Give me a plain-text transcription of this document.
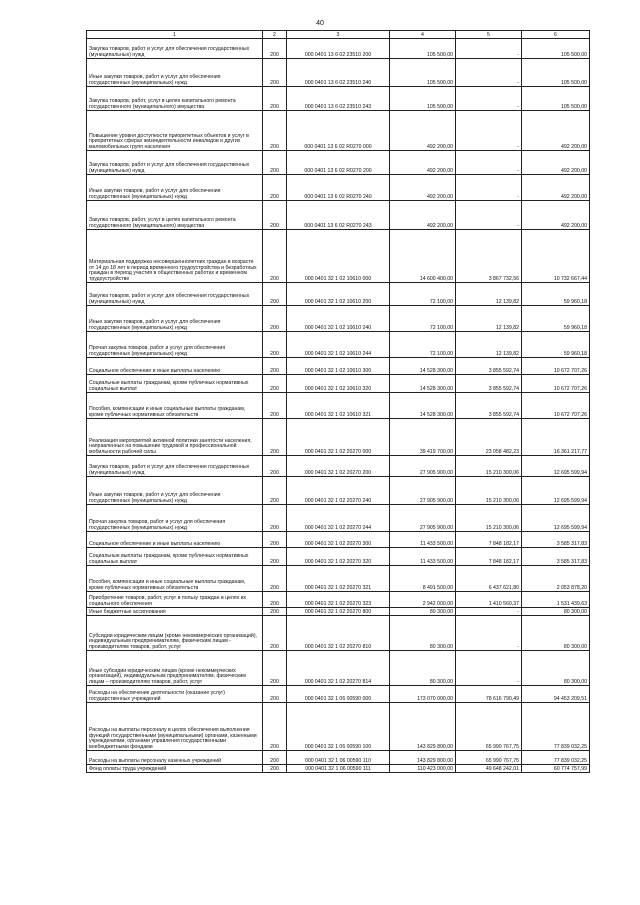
40
1	2	3	4	5	6
Закупка товаров, работ и услуг для обеспечения государственных (муниципальных) нужд	200	000 0401 13 6 02 23510 200	105 500,00	-	105 500,00
Иные закупки товаров, работ и услуг для обеспечения государственных (муниципальных) нужд	200	000 0401 13 6 02 23510 240	105 500,00	-	105 500,00
Закупка товаров, работ, услуг в целях капитального ремонта государственного (муниципального) имущества	200	000 0401 13 6 02 23510 243	105 500,00	-	105 500,00
Повышение уровня доступности приоритетных объектов и услуг в приоритетных сферах жизнедеятельности инвалидов и других маломобильных групп населения	200	000 0401 13 6 02 R0270 000	492 200,00	-	492 200,00
Закупка товаров, работ и услуг для обеспечения государственных (муниципальных) нужд	200	000 0401 13 6 02 R0270 200	492 200,00	-	492 200,00
Иные закупки товаров, работ и услуг для обеспечения государственных (муниципальных) нужд	200	000 0401 13 6 02 R0270 240	492 200,00	-	492 200,00
Закупка товаров, работ, услуг в целях капитального ремонта государственного (муниципального) имущества	200	000 0401 13 6 02 R0270 243	492 200,00	-	492 200,00
Материальная поддержка несовершеннолетних граждан в возрасте от 14 до 18 лет в период временного трудоустройства и безработных граждан в период участия в общественных работах и временном трудоустройстве	200	000 0401 32 1 02 10610 000	14 600 400,00	3 867 732,56	10 732 667,44
Закупка товаров, работ и услуг для обеспечения государственных (муниципальных) нужд	200	000 0401 32 1 02 10610 200	72 100,00	12 139,82	59 960,18
Иные закупки товаров, работ и услуг для обеспечения государственных (муниципальных) нужд	200	000 0401 32 1 02 10610 240	72 100,00	12 139,82	59 960,18
Прочая закупка товаров, работ и услуг для обеспечения государственных (муниципальных) нужд	200	000 0401 32 1 02 10610 244	72 100,00	12 139,82	59 960,18
Социальное обеспечение и иные выплаты населению	200	000 0401 32 1 02 10610 300	14 528 300,00	3 855 592,74	10 672 707,26
Социальные выплаты гражданам, кроме публичных нормативных социальных выплат	200	000 0401 32 1 02 10610 320	14 528 300,00	3 855 592,74	10 672 707,26
Пособия, компенсации и иные социальные выплаты гражданам, кроме публичных нормативных обязательств	200	000 0401 32 1 02 10610 321	14 528 300,00	3 855 592,74	10 672 707,26
Реализация мероприятий активной политики занятости населения, направленных на повышение трудовой и профессиональной мобильности рабочей силы	200	000 0401 32 1 02 20270 000	39 419 700,00	23 058 482,23	16 361 217,77
Закупка товаров, работ и услуг для обеспечения государственных (муниципальных) нужд	200	000 0401 32 1 02 20270 200	27 905 900,00	15 210 300,06	12 695 599,94
Иные закупки товаров, работ и услуг для обеспечения государственных (муниципальных) нужд	200	000 0401 32 1 02 20270 240	27 905 900,00	15 210 300,06	12 695 599,94
Прочая закупка товаров, работ и услуг для обеспечения государственных (муниципальных) нужд	200	000 0401 32 1 02 20270 244	27 905 900,00	15 210 300,06	12 695 599,94
Социальное обеспечение и иные выплаты населению	200	000 0401 32 1 02 20270 300	11 433 500,00	7 848 182,17	3 585 317,83
Социальные выплаты гражданам, кроме публичных нормативных социальных выплат	200	000 0401 32 1 02 20270 320	11 433 500,00	7 848 182,17	3 585 317,83
Пособия, компенсации и иные социальные выплаты гражданам, кроме публичных нормативных обязательств	200	000 0401 32 1 02 20270 321	8 491 500,00	6 437 621,80	2 053 878,20
Приобретение товаров, работ, услуг в пользу граждан в целях их социального обеспечения	200	000 0401 32 1 02 20270 323	2 942 000,00	1 410 560,37	1 531 439,63
Иные бюджетные ассигнования	200	000 0401 32 1 02 20270 800	80 300,00	-	80 300,00
Субсидии юридическим лицам (кроме некоммерческих организаций), индивидуальным предпринимателям, физическим лицам - производителям товаров, работ, услуг	200	000 0401 32 1 02 20270 810	80 300,00	-	80 300,00
Иные субсидии юридическим лицам (кроме некоммерческих организаций), индивидуальным предпринимателям, физическим лицам – производителям товаров, работ, услуг	200	000 0401 32 1 02 20270 814	80 300,00	-	80 300,00
Расходы на обеспечение деятельности (оказание услуг) государственных учреждений	200	000 0401 32 1 06 00590 000	173 070 000,00	78 616 790,49	94 453 209,51
Расходы на выплаты персоналу в целях обеспечения выполнения функций государственными (муниципальными) органами, казенными учреждениями, органами управления государственными внебюджетными фондами	200	000 0401 32 1 06 00590 100	143 829 800,00	65 990 767,75	77 839 032,25
Расходы на выплаты персоналу казенных учреждений	200	000 0401 32 1 06 00590 110	143 829 800,00	65 990 767,75	77 839 032,25
Фонд оплаты труда учреждений	200	000 0401 32 1 06 00590 111	110 423 000,00	49 648 242,01	60 774 757,99
